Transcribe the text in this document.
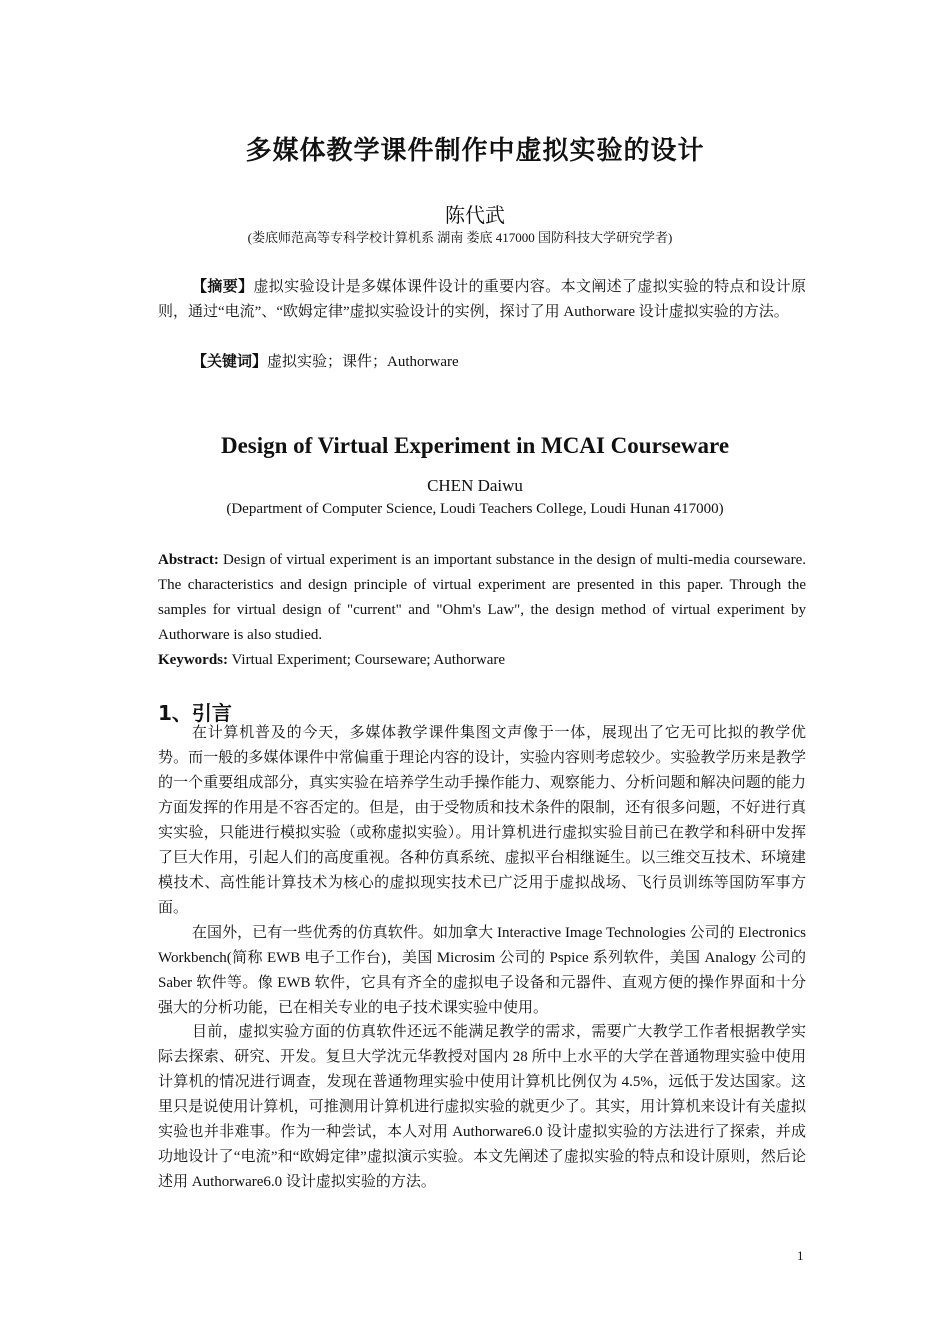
多媒体教学课件制作中虚拟实验的设计
陈代武
(娄底师范高等专科学校计算机系 湖南 娄底 417000 国防科技大学研究学者)
【摘要】虚拟实验设计是多媒体课件设计的重要内容。本文阐述了虚拟实验的特点和设计原则，通过“电流”、“欧姆定律”虚拟实验设计的实例，探讨了用 Authorware 设计虚拟实验的方法。
【关键词】虚拟实验；课件；Authorware
Design of Virtual Experiment in MCAI Courseware
CHEN Daiwu
(Department of Computer Science, Loudi Teachers College, Loudi Hunan 417000)
Abstract: Design of virtual experiment is an important substance in the design of multi-media courseware. The characteristics and design principle of virtual experiment are presented in this paper. Through the samples for virtual design of "current" and "Ohm's Law", the design method of virtual experiment by Authorware is also studied.
Keywords: Virtual Experiment; Courseware; Authorware
1、引言
在计算机普及的今天，多媒体教学课件集图文声像于一体，展现出了它无可比拟的教学优势。而一般的多媒体课件中常偏重于理论内容的设计，实验内容则考虑较少。实验教学历来是教学的一个重要组成部分，真实实验在培养学生动手操作能力、观察能力、分析问题和解决问题的能力方面发挥的作用是不容否定的。但是，由于受物质和技术条件的限制，还有很多问题，不好进行真实实验，只能进行模拟实验（或称虚拟实验）。用计算机进行虚拟实验目前已在教学和科研中发挥了巨大作用，引起人们的高度重视。各种仿真系统、虚拟平台相继诞生。以三维交互技术、环境建模技术、高性能计算技术为核心的虚拟现实技术已广泛用于虚拟战场、飞行员训练等国防军事方面。
在国外，已有一些优秀的仿真软件。如加拿大 Interactive Image Technologies 公司的 Electronics Workbench(简称 EWB 电子工作台)，美国 Microsim 公司的 Pspice 系列软件，美国 Analogy 公司的 Saber 软件等。像 EWB 软件，它具有齐全的虚拟电子设备和元器件、直观方便的操作界面和十分强大的分析功能，已在相关专业的电子技术课实验中使用。
目前，虚拟实验方面的仿真软件还远不能满足教学的需求，需要广大教学工作者根据教学实际去探索、研究、开发。复旦大学沈元华教授对国内 28 所中上水平的大学在普通物理实验中使用计算机的情况进行调查，发现在普通物理实验中使用计算机比例仅为 4.5%，远低于发达国家。这里只是说使用计算机，可推测用计算机进行虚拟实验的就更少了。其实，用计算机来设计有关虚拟实验也并非难事。作为一种尝试，本人对用 Authorware6.0 设计虚拟实验的方法进行了探索，并成功地设计了“电流”和“欧姆定律”虚拟演示实验。本文先阐述了虚拟实验的特点和设计原则，然后论述用 Authorware6.0 设计虚拟实验的方法。
1
